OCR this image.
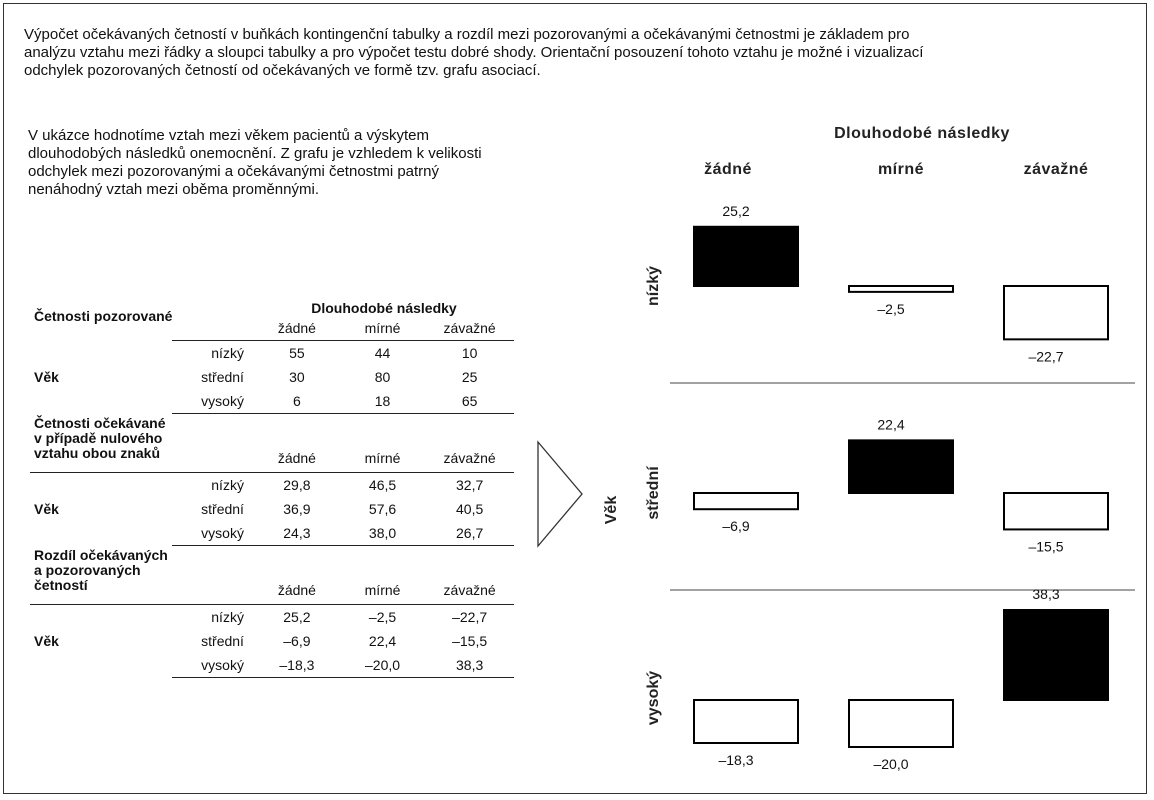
Výpočet očekávaných četností v buňkách kontingenční tabulky a rozdíl mezi pozorovanými a očekávanými četnostmi je základem pro
analýzu vztahu mezi řádky a sloupci tabulky a pro výpočet testu dobré shody. Orientační posouzení tohoto vztahu je možné i vizualizací
odchylek pozorovaných četností od očekávaných ve formě tzv. grafu asociací.
V ukázce hodnotíme vztah mezi věkem pacientů a výskytem
dlouhodobých následků onemocnění. Z grafu je vzhledem k velikosti
odchylek mezi pozorovanými a očekávanými četnostmi patrný
nenáhodný vztah mezi oběma proměnnými.
Četnosti pozorované		Dlouhodobé následky		
		žádné	mírné	závažné
Věk	nízký	55	44	10
	střední	30	80	25
	vysoký	6	18	65

Četnosti očekávané
v případě nulového
vztahu obou znaků		žádné	mírné	závažné
Věk	nízký	29,8	46,5	32,7
	střední	36,9	57,6	40,5
	vysoký	24,3	38,0	26,7

Rozdíl očekávaných
a pozorovaných
četností		žádné	mírné	závažné
Věk	nízký	25,2	–2,5	–22,7
	střední	–6,9	22,4	–15,5
	vysoký	–18,3	–20,0	38,3
Dlouhodobé následky
žádné	mírné	závažné
Věk
nízký
střední
vysoký
25,2
–2,5
–22,7
–6,9
22,4
–15,5
–18,3	–20,0
38,3
